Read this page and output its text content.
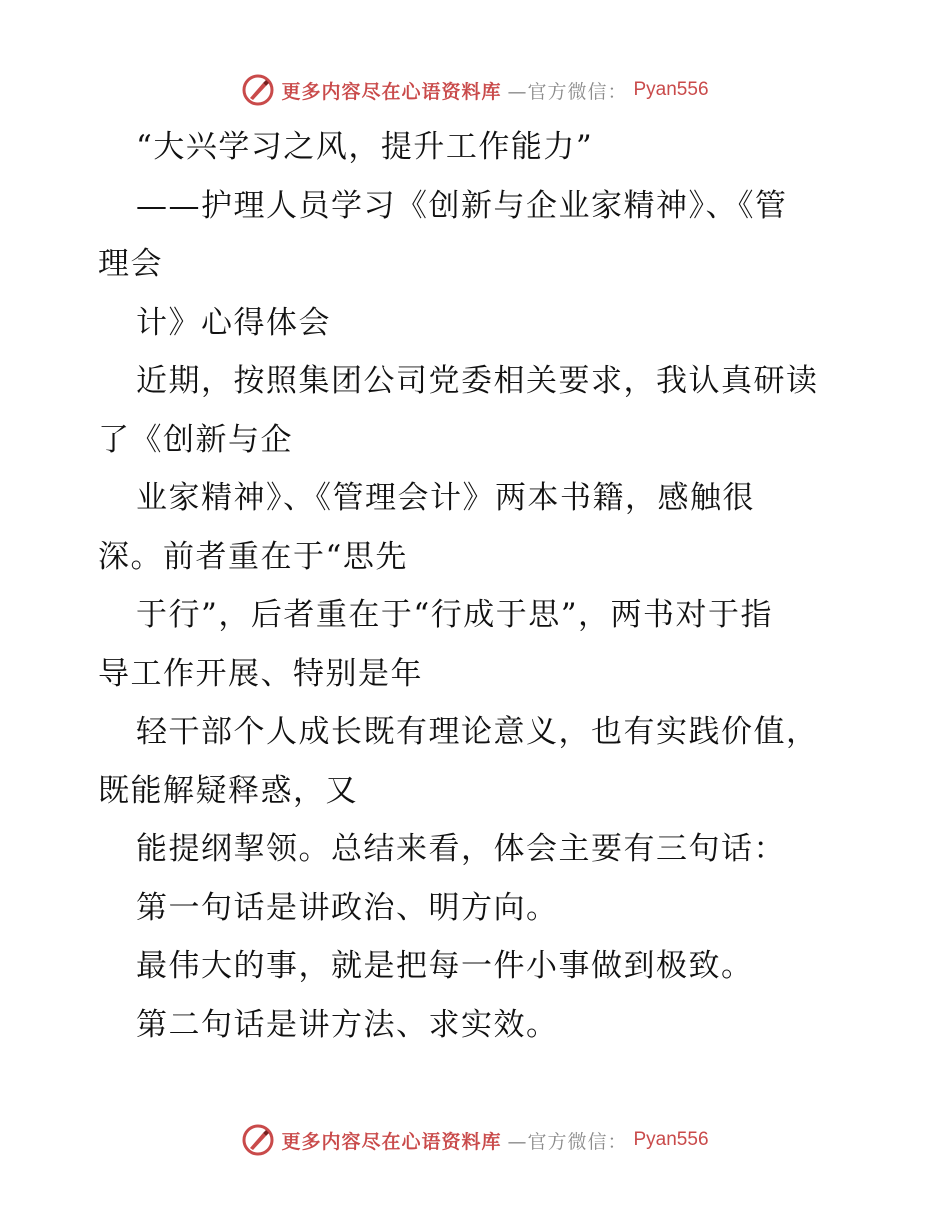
更多内容尽在心语资料库 —官方微信： Pyan556
“大兴学习之风，提升工作能力”
——护理人员学习《创新与企业家精神》、《管
理会
计》心得体会
近期，按照集团公司党委相关要求，我认真研读
了《创新与企
业家精神》、《管理会计》两本书籍，感触很
深。前者重在于“思先
于行”，后者重在于“行成于思”，两书对于指
导工作开展、特别是年
轻干部个人成长既有理论意义，也有实践价值，
既能解疑释惑，又
能提纲挈领。总结来看，体会主要有三句话：
第一句话是讲政治、明方向。
最伟大的事，就是把每一件小事做到极致。
第二句话是讲方法、求实效。
更多内容尽在心语资料库 —官方微信： Pyan556
